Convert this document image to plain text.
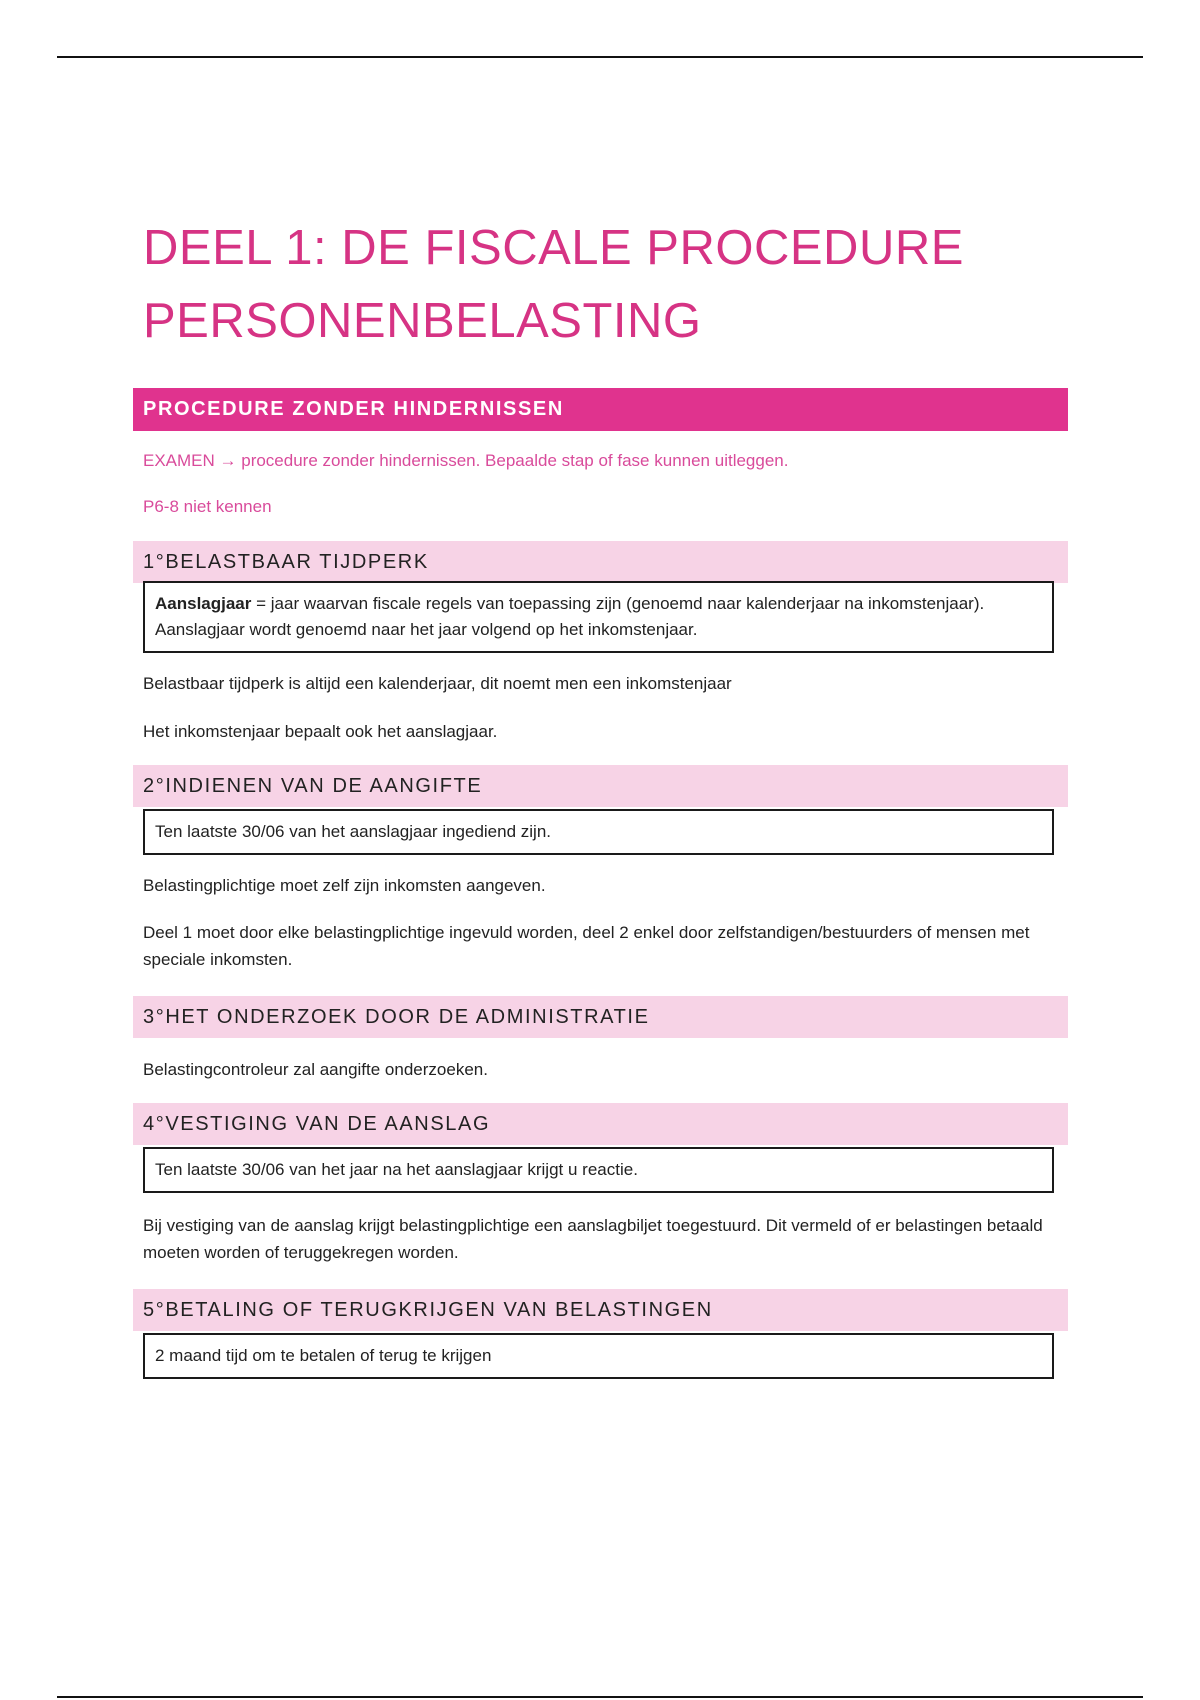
DEEL 1: DE FISCALE PROCEDURE
PERSONENBELASTING
PROCEDURE ZONDER HINDERNISSEN

EXAMEN → procedure zonder hindernissen. Bepaalde stap of fase kunnen uitleggen.

P6-8 niet kennen

1°BELASTBAAR TIJDPERK
Aanslagjaar = jaar waarvan fiscale regels van toepassing zijn (genoemd naar kalenderjaar na inkomstenjaar). Aanslagjaar wordt genoemd naar het jaar volgend op het inkomstenjaar.

Belastbaar tijdperk is altijd een kalenderjaar, dit noemt men een inkomstenjaar

Het inkomstenjaar bepaalt ook het aanslagjaar.

2°INDIENEN VAN DE AANGIFTE
Ten laatste 30/06 van het aanslagjaar ingediend zijn.

Belastingplichtige moet zelf zijn inkomsten aangeven.

Deel 1 moet door elke belastingplichtige ingevuld worden, deel 2 enkel door zelfstandigen/bestuurders of mensen met speciale inkomsten.

3°HET ONDERZOEK DOOR DE ADMINISTRATIE

Belastingcontroleur zal aangifte onderzoeken.

4°VESTIGING VAN DE AANSLAG
Ten laatste 30/06 van het jaar na het aanslagjaar krijgt u reactie.

Bij vestiging van de aanslag krijgt belastingplichtige een aanslagbiljet toegestuurd. Dit vermeld of er belastingen betaald moeten worden of teruggekregen worden.

5°BETALING OF TERUGKRIJGEN VAN BELASTINGEN
2 maand tijd om te betalen of terug te krijgen
